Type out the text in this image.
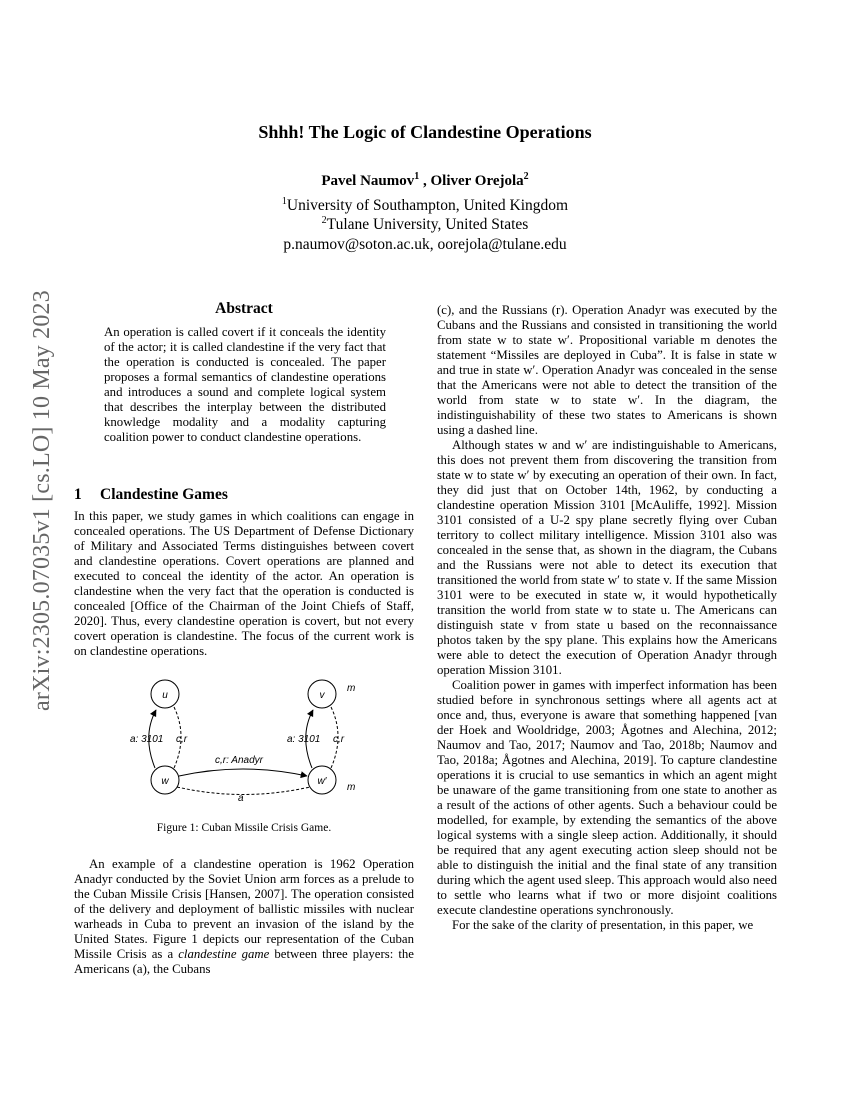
arXiv:2305.07035v1 [cs.LO] 10 May 2023
Shhh! The Logic of Clandestine Operations
Pavel Naumov$^1$ , Oliver Orejola$^2$
$^1$University of Southampton, United Kingdom
$^2$Tulane University, United States
p.naumov@soton.ac.uk, oorejola@tulane.edu
Abstract
An operation is called covert if it conceals the identity of the actor; it is called clandestine if the very fact that the operation is conducted is concealed. The paper proposes a formal semantics of clandestine operations and introduces a sound and complete logical system that describes the interplay between the distributed knowledge modality and a modality capturing coalition power to conduct clandestine operations.
1 Clandestine Games

In this paper, we study games in which coalitions can engage in concealed operations. The US Department of Defense Dictionary of Military and Associated Terms distinguishes between covert and clandestine operations. Covert operations are planned and executed to conceal the identity of the actor. An operation is clandestine when the very fact that the operation is conducted is concealed [Office of the Chairman of the Joint Chiefs of Staff, 2020]. Thus, every clandestine operation is covert, but not every covert operation is clandestine. The focus of the current work is on clandestine operations.

u	v
w	w′
m
m
a: 3101 c,r	a: 3101 c,r
c,r: Anadyr
a
Figure 1: Cuban Missile Crisis Game.

An example of a clandestine operation is 1962 Operation Anadyr conducted by the Soviet Union arm forces as a prelude to the Cuban Missile Crisis [Hansen, 2007]. The operation consisted of the delivery and deployment of ballistic missiles with nuclear warheads in Cuba to prevent an invasion of the island by the United States. Figure 1 depicts our representation of the Cuban Missile Crisis as a clandestine game between three players: the Americans (a), the Cubans

(c), and the Russians (r). Operation Anadyr was executed by the Cubans and the Russians and consisted in transitioning the world from state w to state w′. Propositional variable m denotes the statement “Missiles are deployed in Cuba”. It is false in state w and true in state w′. Operation Anadyr was concealed in the sense that the Americans were not able to detect the transition of the world from state w to state w′. In the diagram, the indistinguishability of these two states to Americans is shown using a dashed line.

Although states w and w′ are indistinguishable to Americans, this does not prevent them from discovering the transition from state w to state w′ by executing an operation of their own. In fact, they did just that on October 14th, 1962, by conducting a clandestine operation Mission 3101 [McAuliffe, 1992]. Mission 3101 consisted of a U-2 spy plane secretly flying over Cuban territory to collect military intelligence. Mission 3101 also was concealed in the sense that, as shown in the diagram, the Cubans and the Russians were not able to detect its execution that transitioned the world from state w′ to state v. If the same Mission 3101 were to be executed in state w, it would hypothetically transition the world from state w to state u. The Americans can distinguish state v from state u based on the reconnaissance photos taken by the spy plane. This explains how the Americans were able to detect the execution of Operation Anadyr through operation Mission 3101.

Coalition power in games with imperfect information has been studied before in synchronous settings where all agents act at once and, thus, everyone is aware that something happened [van der Hoek and Wooldridge, 2003; Ågotnes and Alechina, 2012; Naumov and Tao, 2017; Naumov and Tao, 2018b; Naumov and Tao, 2018a; Ågotnes and Alechina, 2019]. To capture clandestine operations it is crucial to use semantics in which an agent might be unaware of the game transitioning from one state to another as a result of the actions of other agents. Such a behaviour could be modelled, for example, by extending the semantics of the above logical systems with a single sleep action. Additionally, it should be required that any agent executing action sleep should not be able to distinguish the initial and the final state of any transition during which the agent used sleep. This approach would also need to settle who learns what if two or more disjoint coalitions execute clandestine operations synchronously.

For the sake of the clarity of presentation, in this paper, we
